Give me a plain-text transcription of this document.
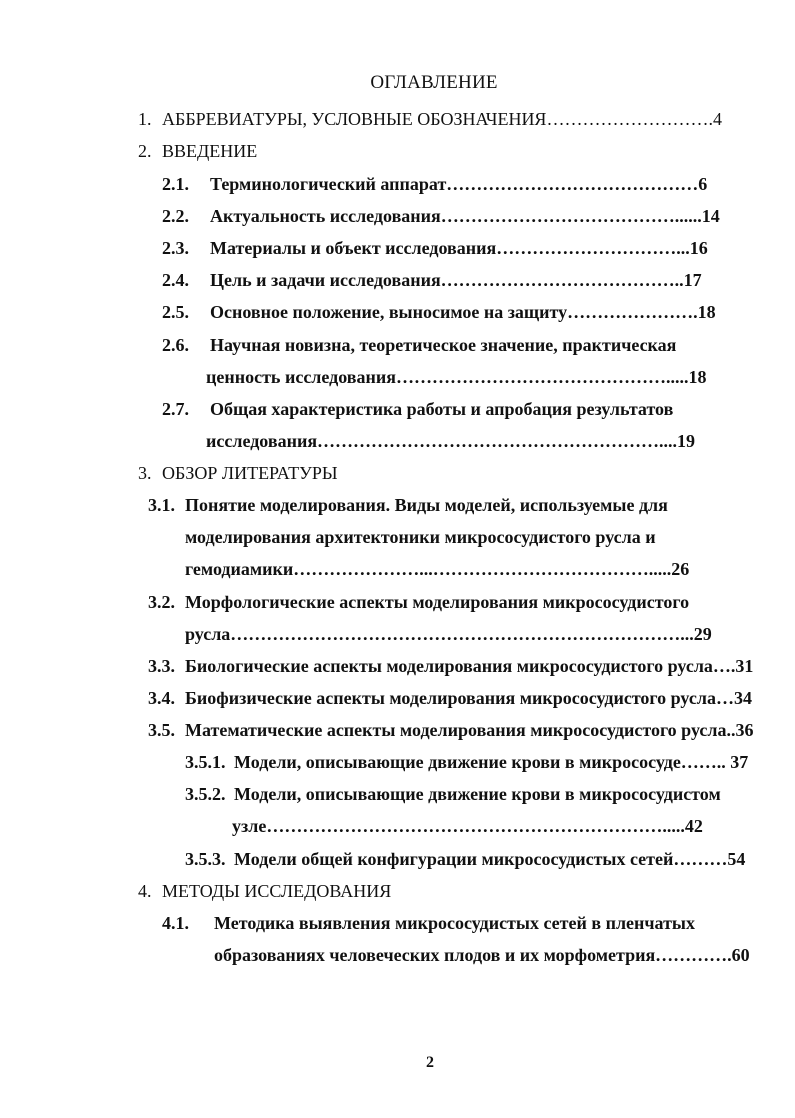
ОГЛАВЛЕНИЕ
1. АББРЕВИАТУРЫ, УСЛОВНЫЕ ОБОЗНАЧЕНИЯ……………………….4
2. ВВЕДЕНИЕ
2.1. Терминологический аппарат……………………………………6
2.2. Актуальность исследования…………………………………......14
2.3. Материалы и объект исследования…………………………...16
2.4. Цель и задачи исследования…………………………………..17
2.5. Основное положение, выносимое на защиту………………….18
2.6. Научная новизна, теоретическое значение, практическая
ценность исследования……………………………………….....18
2.7. Общая характеристика работы и апробация результатов
исследования…………………………………………………....19
3. ОБЗОР ЛИТЕРАТУРЫ
3.1. Понятие моделирования. Виды моделей, используемые для
моделирования архитектоники микрососудистого русла и
гемодиамики…………………...……………………………….....26
3.2. Морфологические аспекты моделирования микрососудистого
русла…………………………………………………………………...29
3.3. Биологические аспекты моделирования микрососудистого русла….31
3.4. Биофизические аспекты моделирования микрососудистого русла…34
3.5. Математические аспекты моделирования микрососудистого русла..36
3.5.1. Модели, описывающие движение крови в микрососуде…….. 37
3.5.2. Модели, описывающие движение крови в микрососудистом
узле………………………………………………………….....42
3.5.3. Модели общей конфигурации микрососудистых сетей………54
4. МЕТОДЫ ИССЛЕДОВАНИЯ
4.1. Методика выявления микрососудистых сетей в пленчатых
образованиях человеческих плодов и их морфометрия………….60
2
